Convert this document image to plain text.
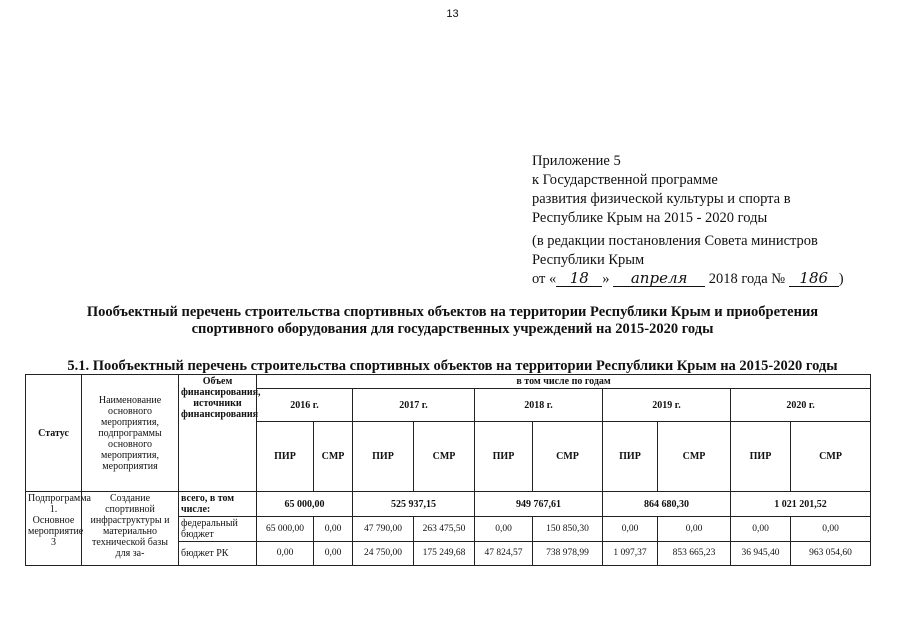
13
Приложение 5
к Государственной программе
развития физической культуры и спорта в
Республике Крым на 2015 - 2020 годы
(в редакции постановления Совета министров
Республики Крым
от « 18 » апреля 2018 года № 186 )
Пообъектный перечень строительства спортивных объектов на территории Республики Крым и приобретения
спортивного оборудования для государственных учреждений на 2015-2020 годы
5.1. Пообъектный перечень строительства спортивных объектов на территории Республики Крым на 2015-2020 годы
Статус	Наименование основного мероприятия, подпрограммы основного мероприятия, мероприятия	Объем финансирования, источники финансирования	в том числе по годам									
			2016 г.		2017 г.		2018 г.		2019 г.		2020 г.	
			ПИР	СМР	ПИР	СМР	ПИР	СМР	ПИР	СМР	ПИР	СМР
Подпрограмма 1. Основное мероприятие 3	Создание спортивной инфраструктуры и материально технической базы для за-	всего, в том числе:	65 000,00		525 937,15		949 767,61		864 680,30		1 021 201,52	
		федеральный бюджет	65 000,00	0,00	47 790,00	263 475,50	0,00	150 850,30	0,00	0,00	0,00	0,00
		бюджет РК	0,00	0,00	24 750,00	175 249,68	47 824,57	738 978,99	1 097,37	853 665,23	36 945,40	963 054,60
